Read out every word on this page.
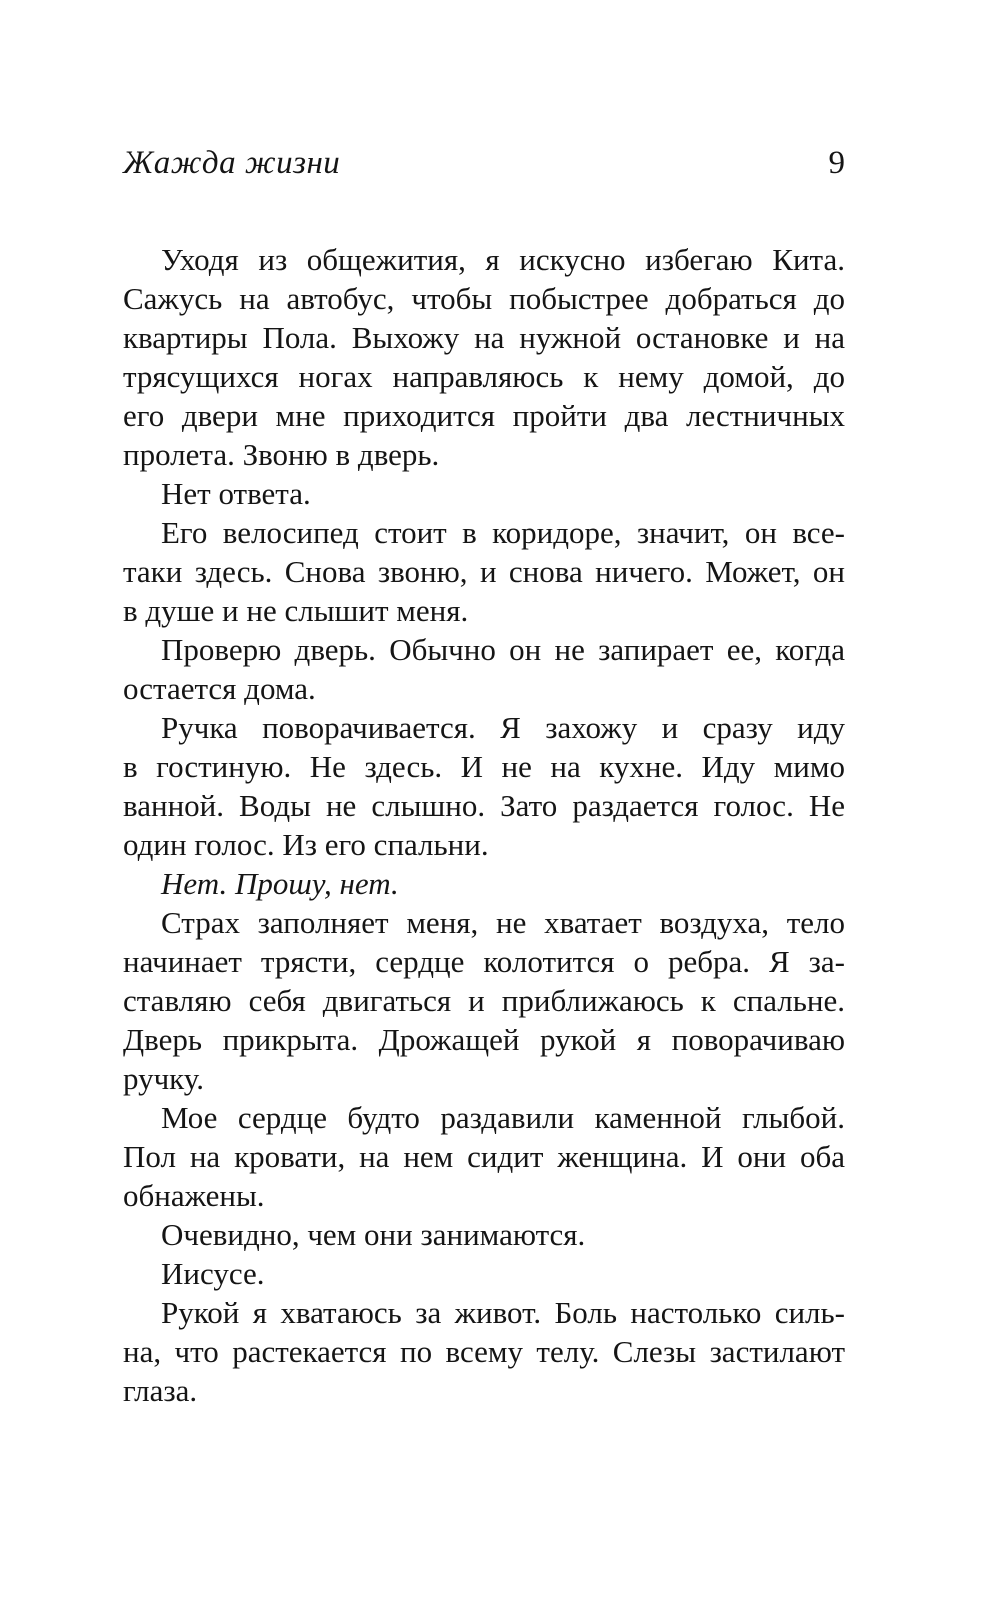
Жажда жизни	9
Уходя из общежития, я искусно избегаю Кита.
Сажусь на автобус, чтобы побыстрее добраться до
квартиры Пола. Выхожу на нужной остановке и на
трясущихся ногах направляюсь к нему домой, до
его двери мне приходится пройти два лестничных
пролета. Звоню в дверь.
Нет ответа.
Его велосипед стоит в коридоре, значит, он все-
таки здесь. Снова звоню, и снова ничего. Может, он
в душе и не слышит меня.
Проверю дверь. Обычно он не запирает ее, когда
остается дома.
Ручка поворачивается. Я захожу и сразу иду
в гостиную. Не здесь. И не на кухне. Иду мимо
ванной. Воды не слышно. Зато раздается голос. Не
один голос. Из его спальни.
Нет. Прошу, нет.
Страх заполняет меня, не хватает воздуха, тело
начинает трясти, сердце колотится о ребра. Я за-
ставляю себя двигаться и приближаюсь к спальне.
Дверь прикрыта. Дрожащей рукой я поворачиваю
ручку.
Мое сердце будто раздавили каменной глыбой.
Пол на кровати, на нем сидит женщина. И они оба
обнажены.
Очевидно, чем они занимаются.
Иисусе.
Рукой я хватаюсь за живот. Боль настолько силь-
на, что растекается по всему телу. Слезы застилают
глаза.
